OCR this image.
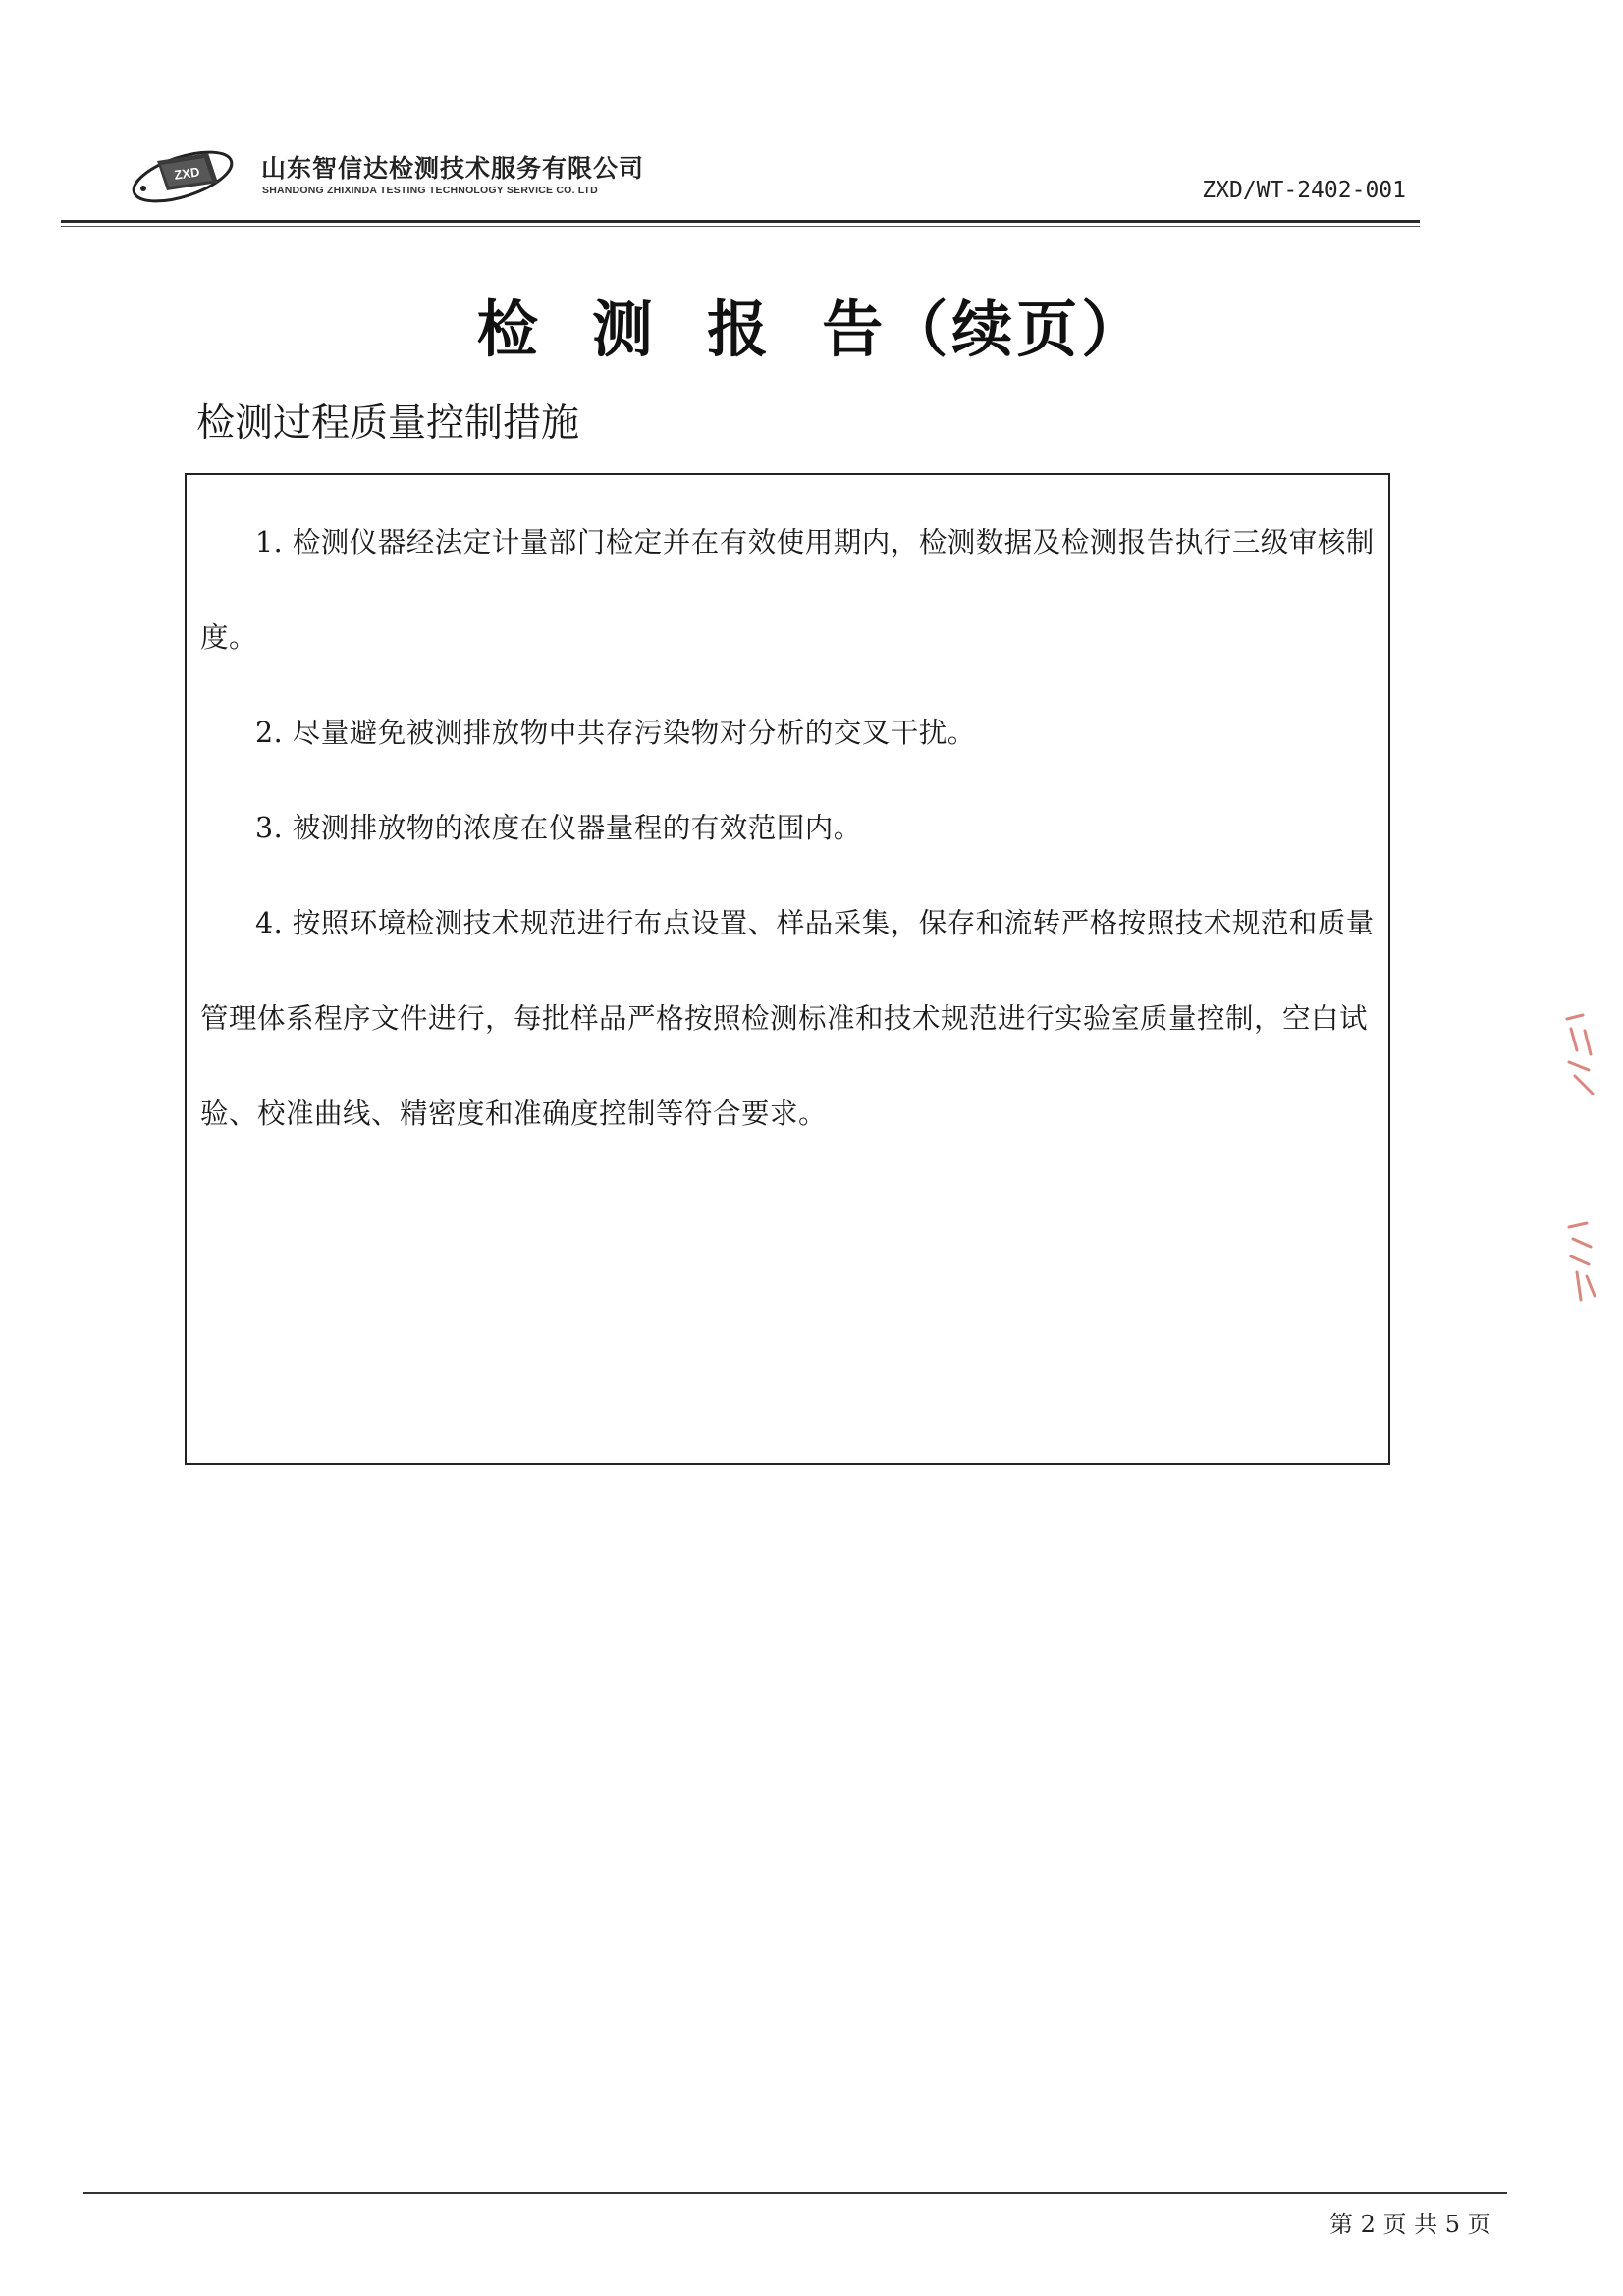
ZXD 山东智信达检测技术服务有限公司
SHANDONG ZHIXINDA TESTING TECHNOLOGY SERVICE CO. LTD	ZXD/WT-2402-001
检  测  报  告（续页）
检测过程质量控制措施
1. 检测仪器经法定计量部门检定并在有效使用期内，检测数据及检测报告执行三级审核制度。
2. 尽量避免被测排放物中共存污染物对分析的交叉干扰。
3. 被测排放物的浓度在仪器量程的有效范围内。
4. 按照环境检测技术规范进行布点设置、样品采集，保存和流转严格按照技术规范和质量管理体系程序文件进行，每批样品严格按照检测标准和技术规范进行实验室质量控制，空白试验、校准曲线、精密度和准确度控制等符合要求。
第 2 页 共 5 页
